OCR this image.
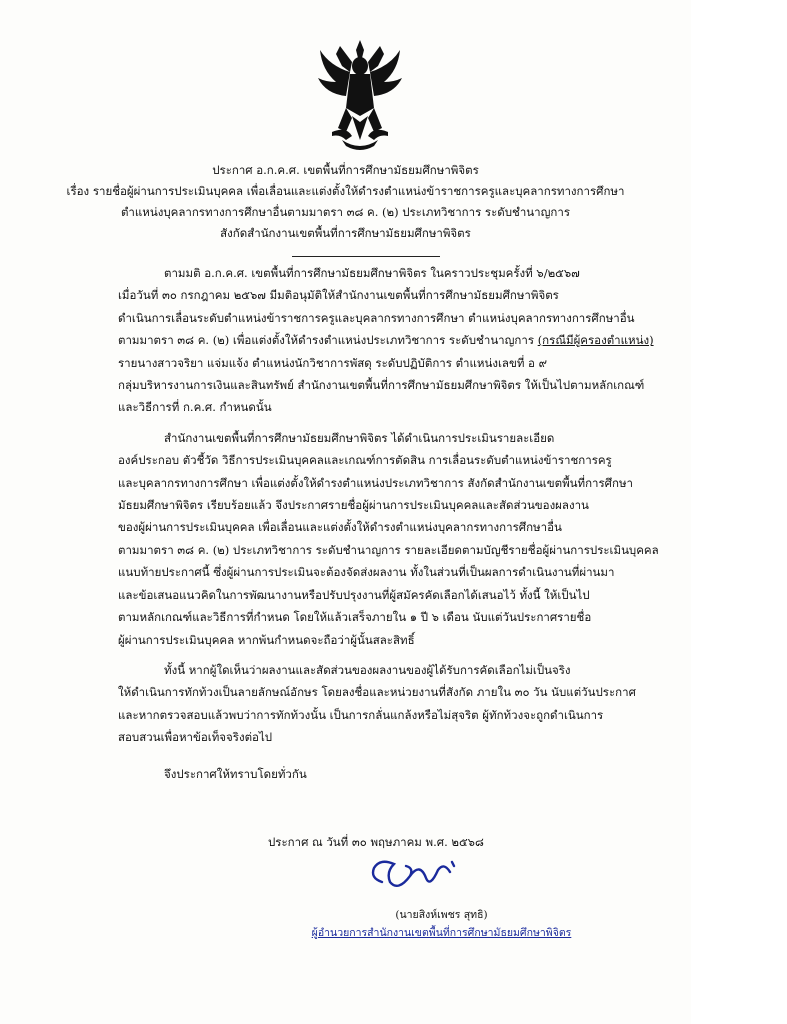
ประกาศ อ.ก.ค.ศ. เขตพื้นที่การศึกษามัธยมศึกษาพิจิตร
เรื่อง รายชื่อผู้ผ่านการประเมินบุคคล เพื่อเลื่อนและแต่งตั้งให้ดำรงตำแหน่งข้าราชการครูและบุคลากรทางการศึกษา
ตำแหน่งบุคลากรทางการศึกษาอื่นตามมาตรา ๓๘ ค. (๒) ประเภทวิชาการ ระดับชำนาญการ
สังกัดสำนักงานเขตพื้นที่การศึกษามัธยมศึกษาพิจิตร
ตามมติ อ.ก.ค.ศ. เขตพื้นที่การศึกษามัธยมศึกษาพิจิตร ในคราวประชุมครั้งที่ ๖/๒๕๖๗
เมื่อวันที่ ๓๐ กรกฎาคม ๒๕๖๗ มีมติอนุมัติให้สำนักงานเขตพื้นที่การศึกษามัธยมศึกษาพิจิตร
ดำเนินการเลื่อนระดับตำแหน่งข้าราชการครูและบุคลากรทางการศึกษา ตำแหน่งบุคลากรทางการศึกษาอื่น
ตามมาตรา ๓๘ ค. (๒) เพื่อแต่งตั้งให้ดำรงตำแหน่งประเภทวิชาการ ระดับชำนาญการ (กรณีมีผู้ครองตำแหน่ง)
รายนางสาวจริยา แจ่มแจ้ง ตำแหน่งนักวิชาการพัสดุ ระดับปฏิบัติการ ตำแหน่งเลขที่ อ ๙
กลุ่มบริหารงานการเงินและสินทรัพย์ สำนักงานเขตพื้นที่การศึกษามัธยมศึกษาพิจิตร ให้เป็นไปตามหลักเกณฑ์
และวิธีการที่ ก.ค.ศ. กำหนดนั้น
สำนักงานเขตพื้นที่การศึกษามัธยมศึกษาพิจิตร ได้ดำเนินการประเมินรายละเอียด
องค์ประกอบ ตัวชี้วัด วิธีการประเมินบุคคลและเกณฑ์การตัดสิน การเลื่อนระดับตำแหน่งข้าราชการครู
และบุคลากรทางการศึกษา เพื่อแต่งตั้งให้ดำรงตำแหน่งประเภทวิชาการ สังกัดสำนักงานเขตพื้นที่การศึกษา
มัธยมศึกษาพิจิตร เรียบร้อยแล้ว จึงประกาศรายชื่อผู้ผ่านการประเมินบุคคลและสัดส่วนของผลงาน
ของผู้ผ่านการประเมินบุคคล เพื่อเลื่อนและแต่งตั้งให้ดำรงตำแหน่งบุคลากรทางการศึกษาอื่น
ตามมาตรา ๓๘ ค. (๒) ประเภทวิชาการ ระดับชำนาญการ รายละเอียดตามบัญชีรายชื่อผู้ผ่านการประเมินบุคคล
แนบท้ายประกาศนี้ ซึ่งผู้ผ่านการประเมินจะต้องจัดส่งผลงาน ทั้งในส่วนที่เป็นผลการดำเนินงานที่ผ่านมา
และข้อเสนอแนวคิดในการพัฒนางานหรือปรับปรุงงานที่ผู้สมัครคัดเลือกได้เสนอไว้ ทั้งนี้ ให้เป็นไป
ตามหลักเกณฑ์และวิธีการที่กำหนด โดยให้แล้วเสร็จภายใน ๑ ปี ๖ เดือน นับแต่วันประกาศรายชื่อ
ผู้ผ่านการประเมินบุคคล หากพ้นกำหนดจะถือว่าผู้นั้นสละสิทธิ์
ทั้งนี้ หากผู้ใดเห็นว่าผลงานและสัดส่วนของผลงานของผู้ได้รับการคัดเลือกไม่เป็นจริง
ให้ดำเนินการทักท้วงเป็นลายลักษณ์อักษร โดยลงชื่อและหน่วยงานที่สังกัด ภายใน ๓๐ วัน นับแต่วันประกาศ
และหากตรวจสอบแล้วพบว่าการทักท้วงนั้น เป็นการกลั่นแกล้งหรือไม่สุจริต ผู้ทักท้วงจะถูกดำเนินการ
สอบสวนเพื่อหาข้อเท็จจริงต่อไป
จึงประกาศให้ทราบโดยทั่วกัน
ประกาศ ณ วันที่ ๓๐ พฤษภาคม พ.ศ. ๒๕๖๘
(นายสิงห์เพชร สุทธิ)
ผู้อำนวยการสำนักงานเขตพื้นที่การศึกษามัธยมศึกษาพิจิตร
